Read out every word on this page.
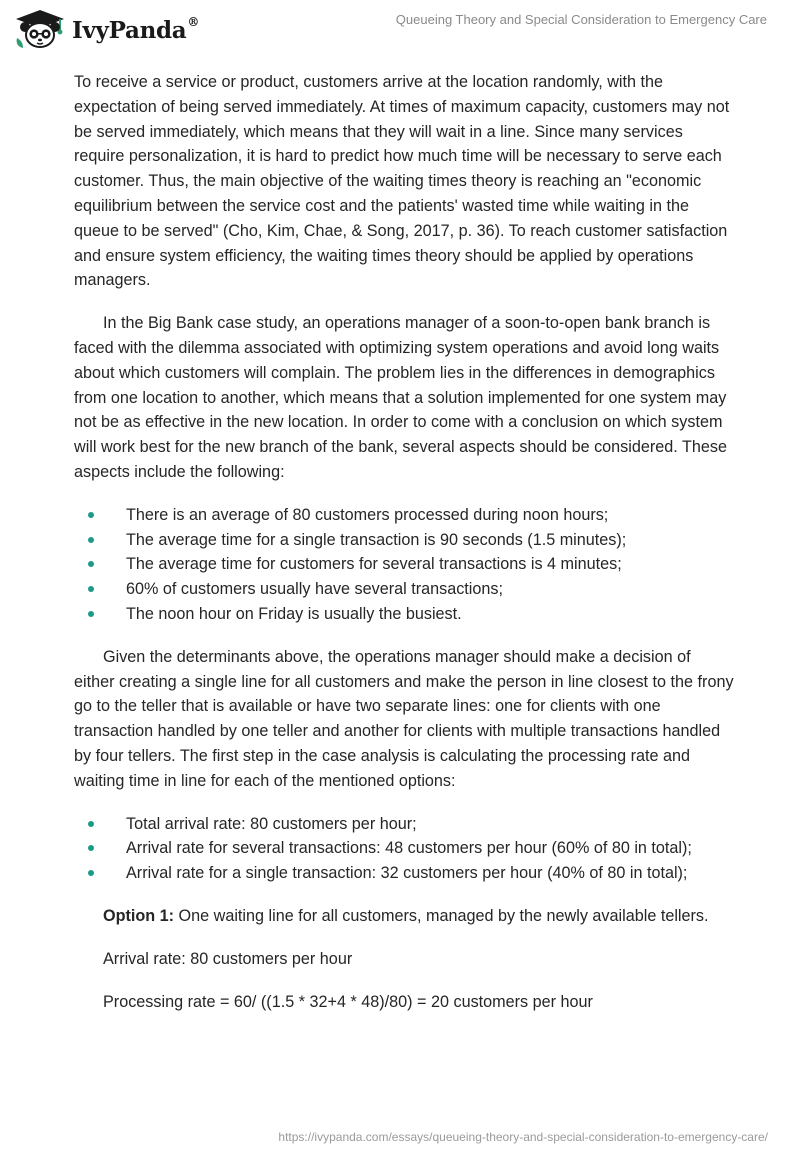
IvyPanda®	Queueing Theory and Special Consideration to Emergency Care

To receive a service or product, customers arrive at the location randomly, with the expectation of being served immediately. At times of maximum capacity, customers may not be served immediately, which means that they will wait in a line. Since many services require personalization, it is hard to predict how much time will be necessary to serve each customer. Thus, the main objective of the waiting times theory is reaching an "economic equilibrium between the service cost and the patients' wasted time while waiting in the queue to be served" (Cho, Kim, Chae, & Song, 2017, p. 36). To reach customer satisfaction and ensure system efficiency, the waiting times theory should be applied by operations managers.

In the Big Bank case study, an operations manager of a soon-to-open bank branch is faced with the dilemma associated with optimizing system operations and avoid long waits about which customers will complain. The problem lies in the differences in demographics from one location to another, which means that a solution implemented for one system may not be as effective in the new location. In order to come with a conclusion on which system will work best for the new branch of the bank, several aspects should be considered. These aspects include the following:

There is an average of 80 customers processed during noon hours;
The average time for a single transaction is 90 seconds (1.5 minutes);
The average time for customers for several transactions is 4 minutes;
60% of customers usually have several transactions;
The noon hour on Friday is usually the busiest.

Given the determinants above, the operations manager should make a decision of either creating a single line for all customers and make the person in line closest to the frony go to the teller that is available or have two separate lines: one for clients with one transaction handled by one teller and another for clients with multiple transactions handled by four tellers. The first step in the case analysis is calculating the processing rate and waiting time in line for each of the mentioned options:

Total arrival rate: 80 customers per hour;
Arrival rate for several transactions: 48 customers per hour (60% of 80 in total);
Arrival rate for a single transaction: 32 customers per hour (40% of 80 in total);

Option 1: One waiting line for all customers, managed by the newly available tellers.

Arrival rate: 80 customers per hour

Processing rate = 60/ ((1.5 * 32+4 * 48)/80) = 20 customers per hour

https://ivypanda.com/essays/queueing-theory-and-special-consideration-to-emergency-care/
